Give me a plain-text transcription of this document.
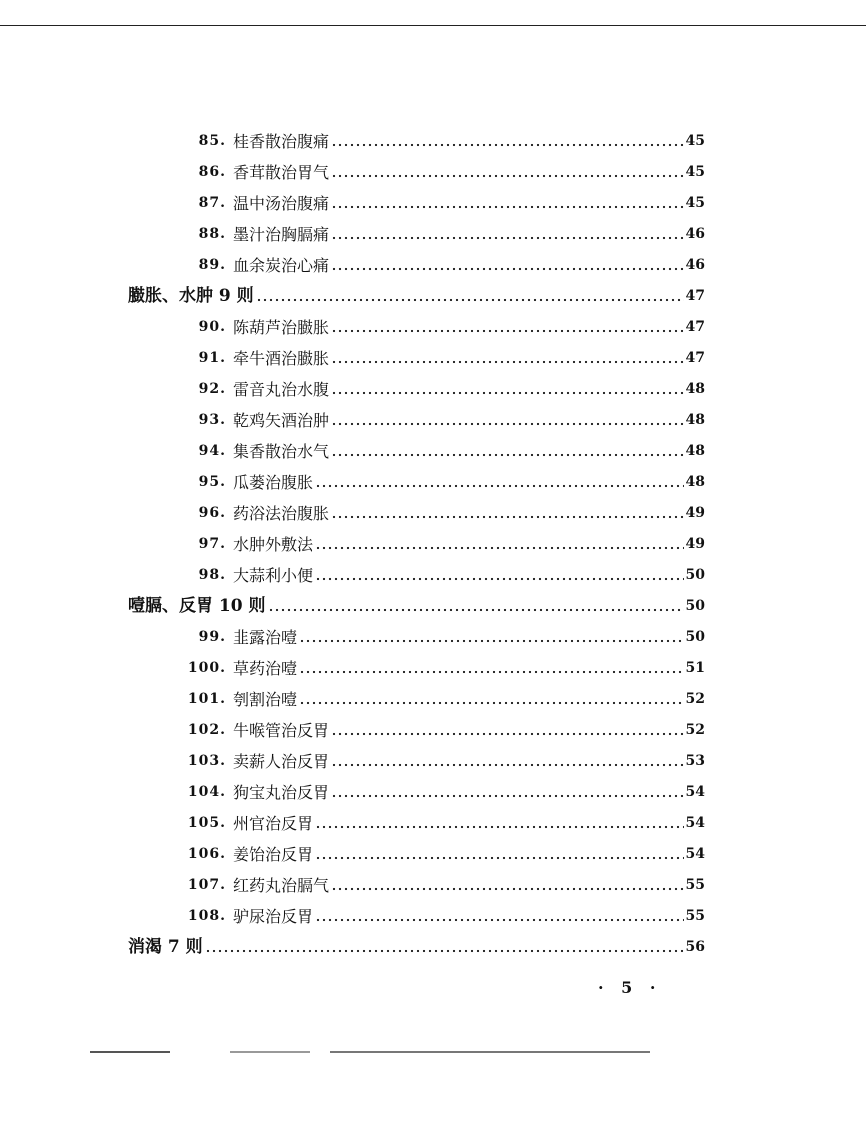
85. 桂香散治腹痛	45
86. 香茸散治胃气	45
87. 温中汤治腹痛	45
88. 墨汁治胸膈痛	46
89. 血余炭治心痛	46
臌胀、水肿 9 则	47
90. 陈葫芦治臌胀	47
91. 牵牛酒治臌胀	47
92. 雷音丸治水腹	48
93. 乾鸡矢酒治肿	48
94. 集香散治水气	48
95. 瓜蒌治腹胀	48
96. 药浴法治腹胀	49
97. 水肿外敷法	49
98. 大蒜利小便	50
噎膈、反胃 10 则	50
99. 韭露治噎	50
100. 草药治噎	51
101. 刳割治噎	52
102. 牛喉管治反胃	52
103. 卖薪人治反胃	53
104. 狗宝丸治反胃	54
105. 州官治反胃	54
106. 姜饴治反胃	54
107. 红药丸治膈气	55
108. 驴尿治反胃	55
消渴 7 则	56
· 5 ·
